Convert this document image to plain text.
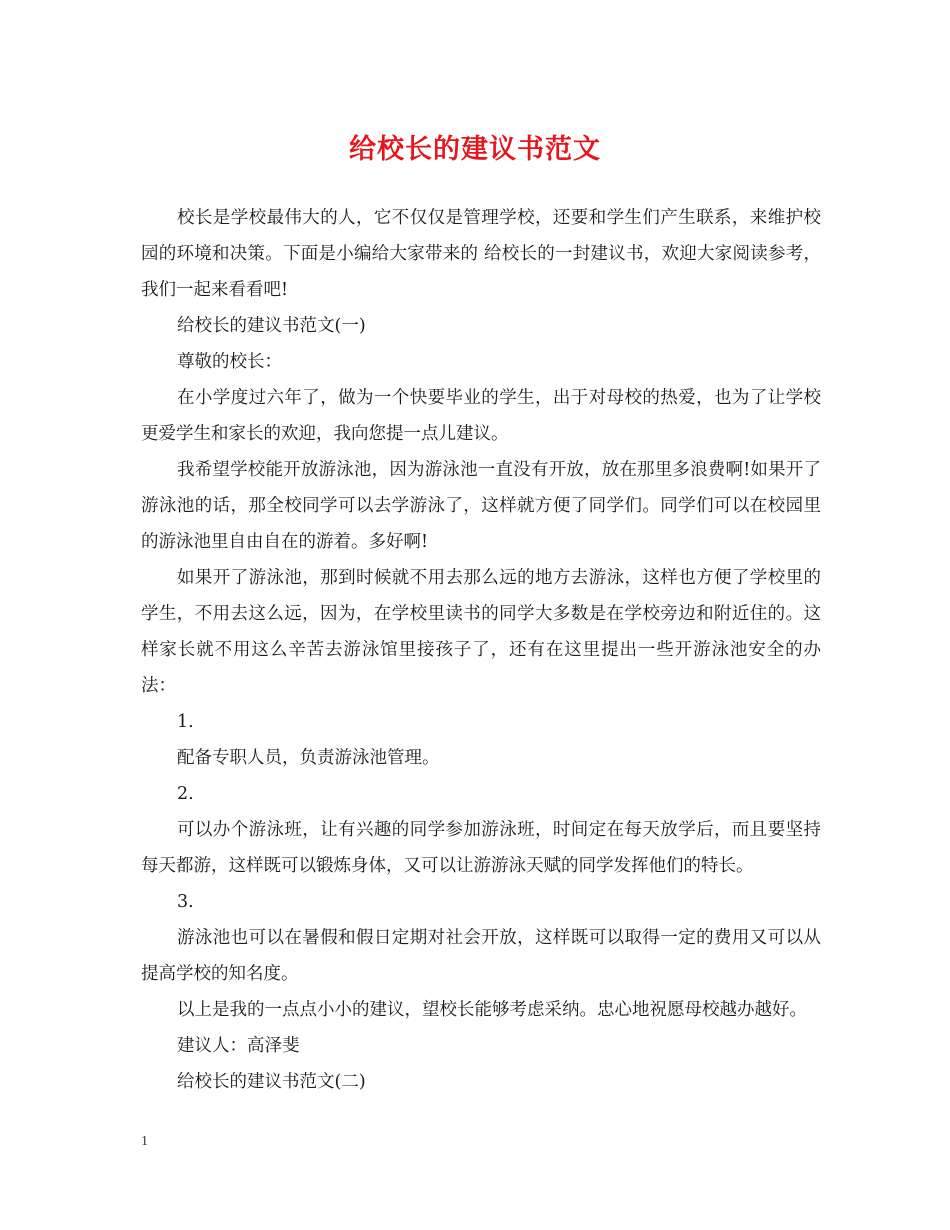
给校长的建议书范文

校长是学校最伟大的人，它不仅仅是管理学校，还要和学生们产生联系，来维护校园的环境和决策。下面是小编给大家带来的 给校长的一封建议书，欢迎大家阅读参考，我们一起来看看吧!

给校长的建议书范文(一)

尊敬的校长：

在小学度过六年了，做为一个快要毕业的学生，出于对母校的热爱，也为了让学校更爱学生和家长的欢迎，我向您提一点儿建议。

我希望学校能开放游泳池，因为游泳池一直没有开放，放在那里多浪费啊!如果开了游泳池的话，那全校同学可以去学游泳了，这样就方便了同学们。同学们可以在校园里的游泳池里自由自在的游着。多好啊!

如果开了游泳池，那到时候就不用去那么远的地方去游泳，这样也方便了学校里的学生，不用去这么远，因为，在学校里读书的同学大多数是在学校旁边和附近住的。这样家长就不用这么辛苦去游泳馆里接孩子了，还有在这里提出一些开游泳池安全的办法：

1.

配备专职人员，负责游泳池管理。

2.

可以办个游泳班，让有兴趣的同学参加游泳班，时间定在每天放学后，而且要坚持每天都游，这样既可以锻炼身体，又可以让游游泳天赋的同学发挥他们的特长。

3.

游泳池也可以在暑假和假日定期对社会开放，这样既可以取得一定的费用又可以从提高学校的知名度。

以上是我的一点点小小的建议，望校长能够考虑采纳。忠心地祝愿母校越办越好。

建议人：高泽斐

给校长的建议书范文(二)

1
